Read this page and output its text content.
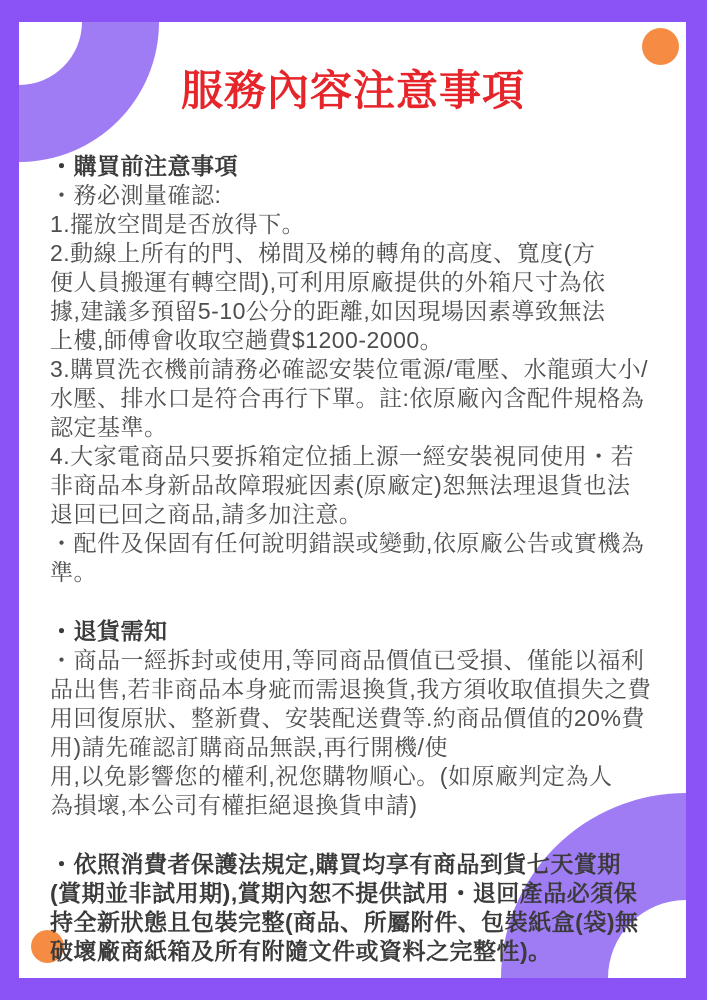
服務內容注意事項
・購買前注意事項
・務必測量確認:
1.擺放空間是否放得下。
2.動線上所有的門、梯間及梯的轉角的高度、寬度(方
便人員搬運有轉空間),可利用原廠提供的外箱尺寸為依
據,建議多預留5-10公分的距離,如因現場因素導致無法
上樓,師傅會收取空趟費$1200-2000。
3.購買洗衣機前請務必確認安裝位電源/電壓、水龍頭大小/
水壓、排水口是符合再行下單。註:依原廠內含配件規格為
認定基準。
4.大家電商品只要拆箱定位插上源一經安裝視同使用・若
非商品本身新品故障瑕疵因素(原廠定)恕無法理退貨也法
退回已回之商品,請多加注意。
・配件及保固有任何說明錯誤或變動,依原廠公告或實機為
準。
・退貨需知
・商品一經拆封或使用,等同商品價值已受損、僅能以福利
品出售,若非商品本身疵而需退換貨,我方須收取值損失之費
用回復原狀、整新費、安裝配送費等.約商品價值的20%費
用)請先確認訂購商品無誤,再行開機/使
用,以免影響您的權利,祝您購物順心。(如原廠判定為人
為損壞,本公司有權拒絕退換貨申請)
・依照消費者保護法規定,購買均享有商品到貨七天賞期
(賞期並非試用期),賞期內恕不提供試用・退回產品必須保
持全新狀態且包裝完整(商品、所屬附件、包裝紙盒(袋)無
破壞廠商紙箱及所有附隨文件或資料之完整性)。
